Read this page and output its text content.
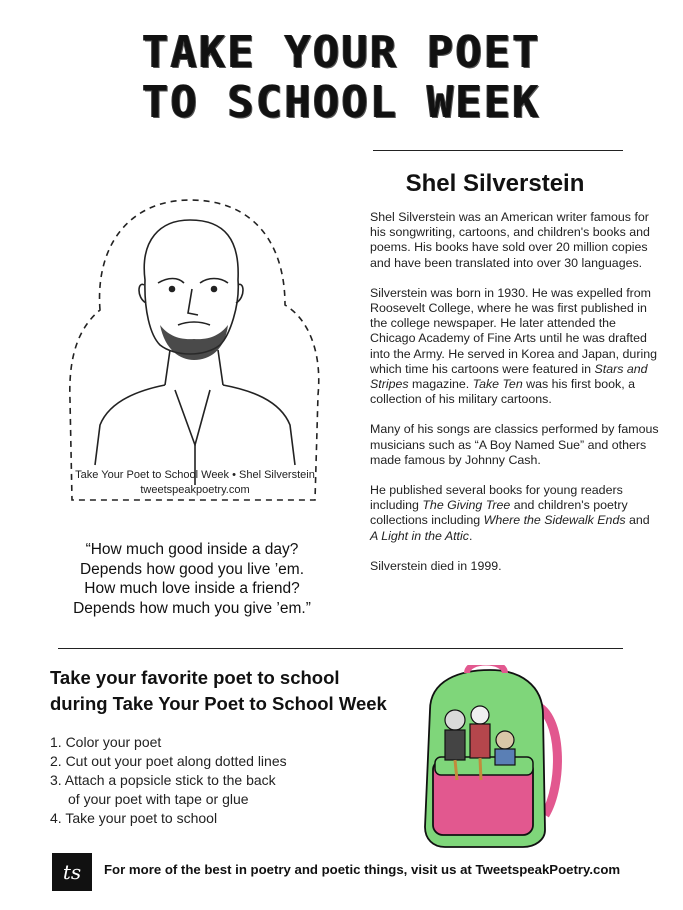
TAKE YOUR POET
TO SCHOOL WEEK
Shel Silverstein

Shel Silverstein was an American writer famous for his songwriting, cartoons, and children's books and poems. His books have sold over 20 million copies and have been translated into over 30 languages.

Silverstein was born in 1930. He was expelled from Roosevelt College, where he was first published in the college newspaper. He later attended the Chicago Academy of Fine Arts until he was drafted into the Army. He served in Korea and Japan, during which time his cartoons were featured in Stars and Stripes magazine. Take Ten was his first book, a collection of his military cartoons.

Many of his songs are classics performed by famous musicians such as “A Boy Named Sue” and others made famous by Johnny Cash.

He published several books for young readers including The Giving Tree and children's poetry collections including Where the Sidewalk Ends and A Light in the Attic.

Silverstein died in 1999.

Take Your Poet to School Week • Shel Silverstein
tweetspeakpoetry.com
“How much good inside a day?
Depends how good you live ’em.
How much love inside a friend?
Depends how much you give ’em.”
Take your favorite poet to school
during Take Your Poet to School Week
1. Color your poet
2. Cut out your poet along dotted lines
3. Attach a popsicle stick to the back
of your poet with tape or glue
4. Take your poet to school
ts	For more of the best in poetry and poetic things, visit us at TweetspeakPoetry.com
